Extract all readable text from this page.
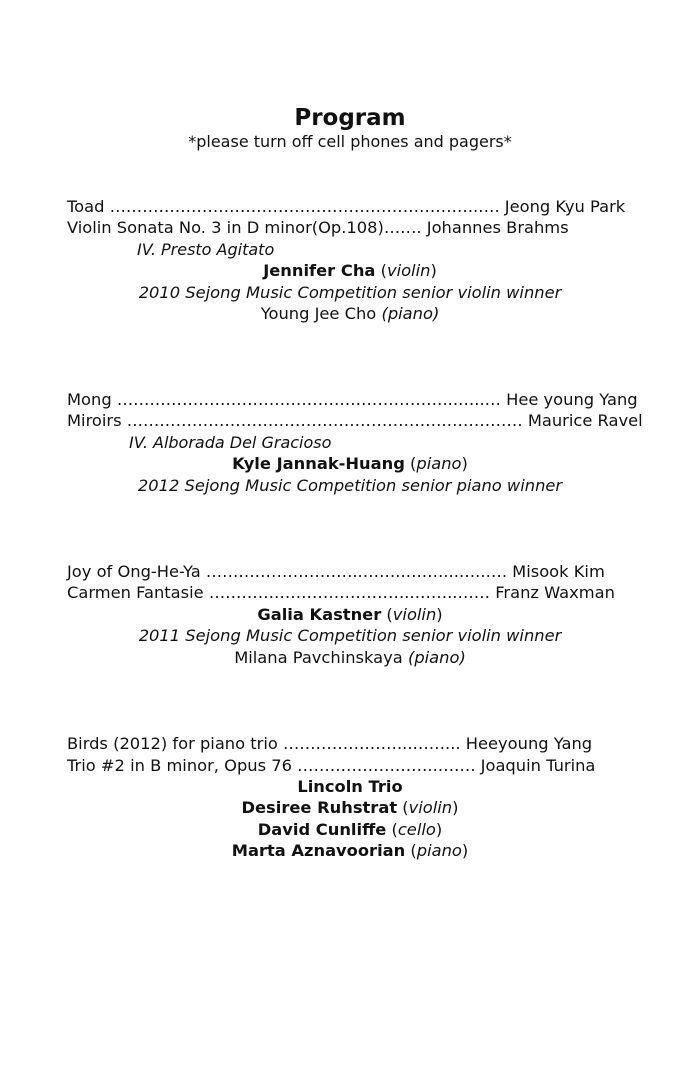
Program
*please turn off cell phones and pagers*
Toad …………………………………………………………..…. Jeong Kyu Park
Violin Sonata No. 3 in D minor(Op.108)……. Johannes Brahms
IV. Presto Agitato
Jennifer Cha (violin)
2010 Sejong Music Competition senior violin winner
Young Jee Cho (piano)
Mong ……………………………………………………...…..… Hee young Yang
Miroirs ………………………………………………….…………… Maurice Ravel
IV. Alborada Del Gracioso
Kyle Jannak-Huang (piano)
2012 Sejong Music Competition senior piano winner
Joy of Ong-He-Ya ………………………..……..….…...…..…. Misook Kim
Carmen Fantasie ………………………………..……..…… Franz Waxman
Galia Kastner (violin)
2011 Sejong Music Competition senior violin winner
Milana Pavchinskaya (piano)
Birds (2012) for piano trio …………………...……... Heeyoung Yang
Trio #2 in B minor, Opus 76 ……………………..……. Joaquin Turina
Lincoln Trio
Desiree Ruhstrat (violin)
David Cunliffe (cello)
Marta Aznavoorian (piano)
